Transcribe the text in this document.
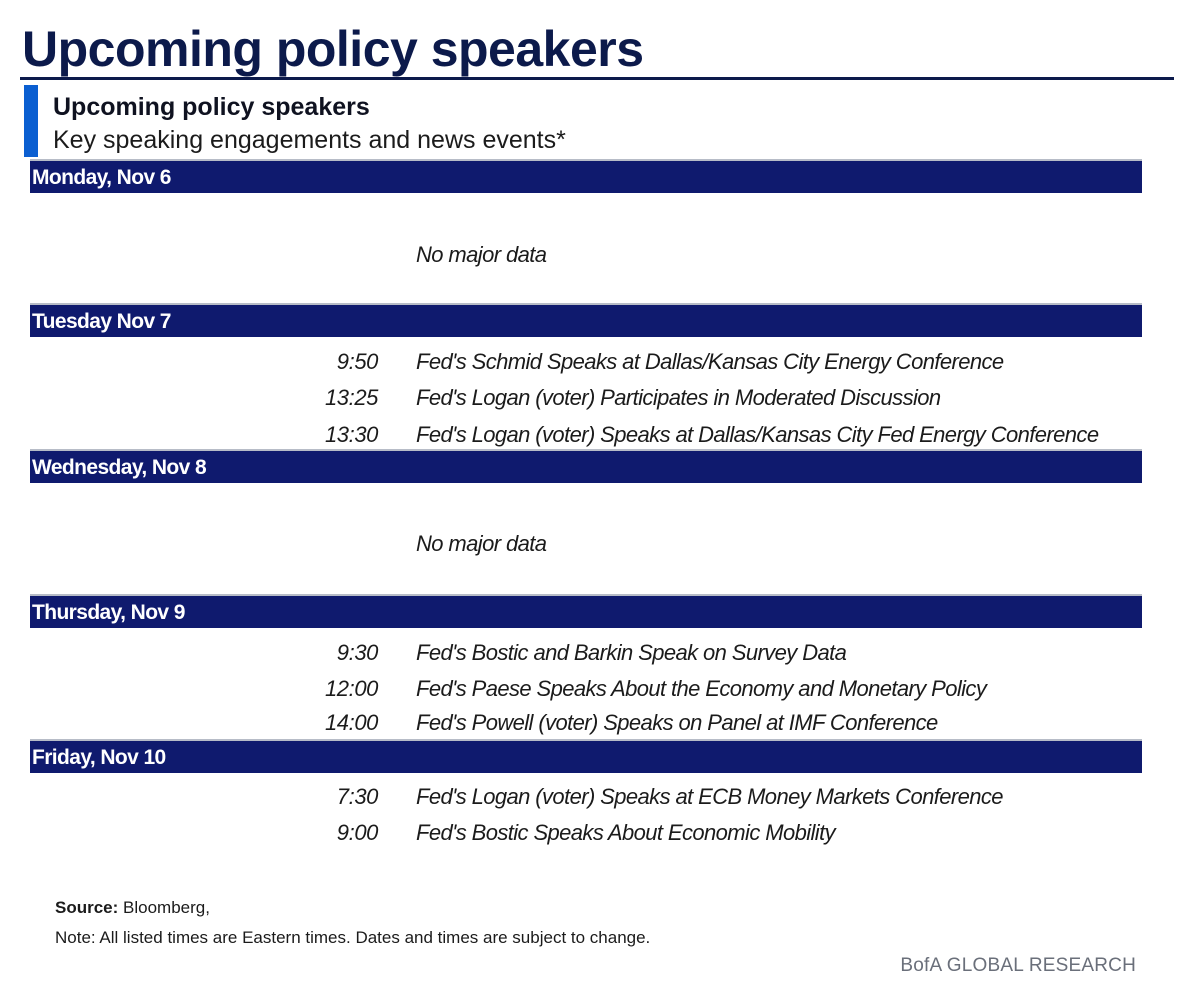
Upcoming policy speakers
Upcoming policy speakers
Key speaking engagements and news events*
Monday, Nov 6
No major data
Tuesday Nov 7
9:50 Fed's Schmid Speaks at Dallas/Kansas City Energy Conference
13:25 Fed's Logan (voter) Participates in Moderated Discussion
13:30 Fed's Logan (voter) Speaks at Dallas/Kansas City Fed Energy Conference
Wednesday, Nov 8
No major data
Thursday, Nov 9
9:30 Fed's Bostic and Barkin Speak on Survey Data
12:00 Fed's Paese Speaks About the Economy and Monetary Policy
14:00 Fed's Powell (voter) Speaks on Panel at IMF Conference
Friday, Nov 10
7:30 Fed's Logan (voter) Speaks at ECB Money Markets Conference
9:00 Fed's Bostic Speaks About Economic Mobility
Source: Bloomberg,
Note: All listed times are Eastern times. Dates and times are subject to change.
BofA GLOBAL RESEARCH
